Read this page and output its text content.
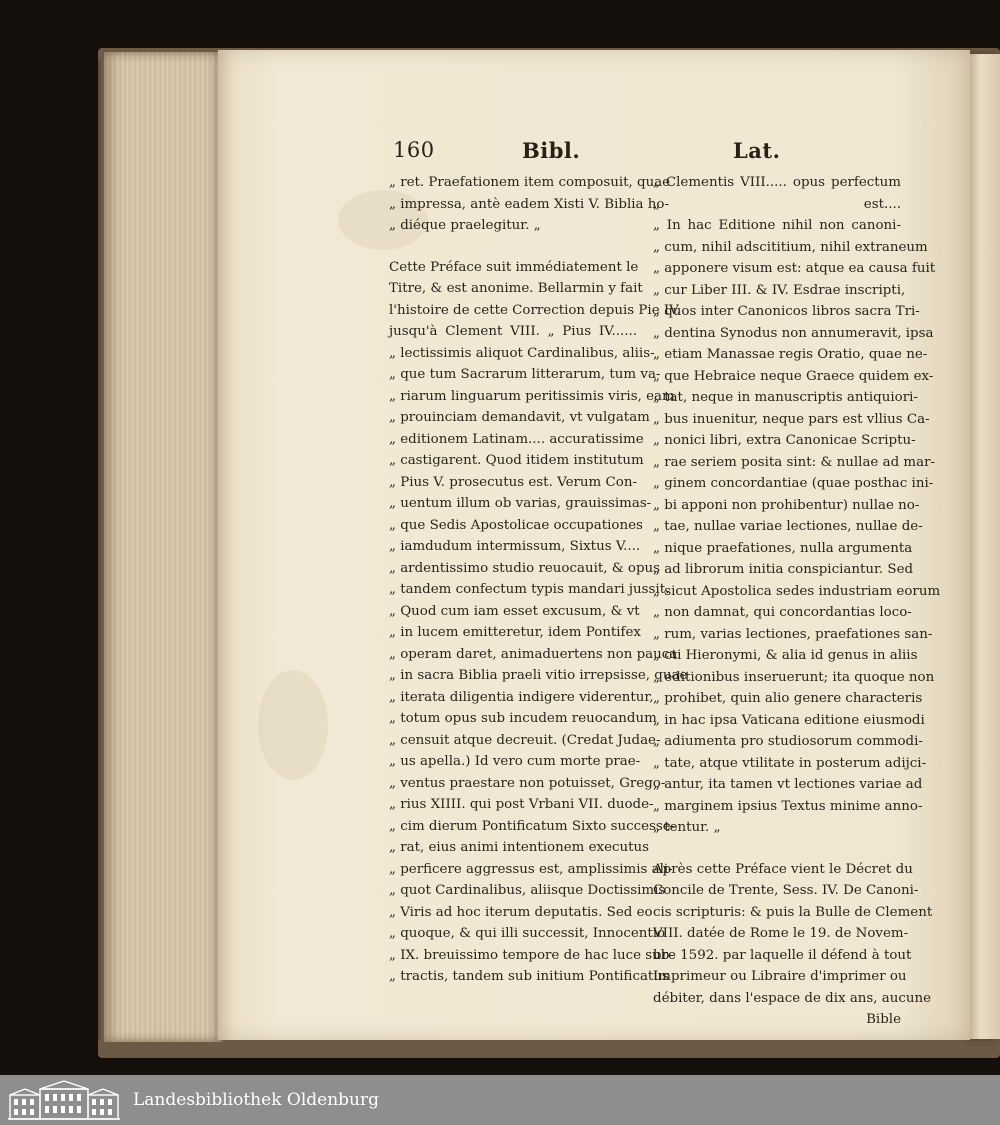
160	Bibl.	Lat.
„ ret. Praefationem item composuit, quae
„ impressa, antè eadem Xisti V. Biblia ho-
„ diéque praelegitur. „
Cette Préface suit immédiatement le
Titre, & est anonime. Bellarmin y fait
l'histoire de cette Correction depuis Pie IV.
jusqu'à Clement VIII. „ Pius IV......
„ lectissimis aliquot Cardinalibus, aliis-
„ que tum Sacrarum litterarum, tum va-
„ riarum linguarum peritissimis viris, eam
„ prouinciam demandavit, vt vulgatam
„ editionem Latinam.... accuratissime
„ castigarent. Quod itidem institutum
„ Pius V. prosecutus est. Verum Con-
„ uentum illum ob varias, grauissimas-
„ que Sedis Apostolicae occupationes
„ iamdudum intermissum, Sixtus V....
„ ardentissimo studio reuocauit, & opus
„ tandem confectum typis mandari jussit.
„ Quod cum iam esset excusum, & vt
„ in lucem emitteretur, idem Pontifex
„ operam daret, animaduertens non pauca
„ in sacra Biblia praeli vitio irrepsisse, quae
„ iterata diligentia indigere viderentur,
„ totum opus sub incudem reuocandum
„ censuit atque decreuit. (Credat Judae-
„ us apella.) Id vero cum morte prae-
„ ventus praestare non potuisset, Grego-
„ rius XIIII. qui post Vrbani VII. duode-
„ cim dierum Pontificatum Sixto successe-
„ rat, eius animi intentionem executus
„ perficere aggressus est, amplissimis ali-
„ quot Cardinalibus, aliisque Doctissimis
„ Viris ad hoc iterum deputatis. Sed eo
„ quoque, & qui illi successit, Innocentio
„ IX. breuissimo tempore de hac luce sub-
„ tractis, tandem sub initium Pontificatus
„ Clementis VIII..... opus perfectum
„ est....
„ In hac Editione nihil non canoni-
„ cum, nihil adscititium, nihil extraneum
„ apponere visum est: atque ea causa fuit
„ cur Liber III. & IV. Esdrae inscripti,
„ quos inter Canonicos libros sacra Tri-
„ dentina Synodus non annumeravit, ipsa
„ etiam Manassae regis Oratio, quae ne-
„ que Hebraice neque Graece quidem ex-
„ tat, neque in manuscriptis antiquiori-
„ bus inuenitur, neque pars est vllius Ca-
„ nonici libri, extra Canonicae Scriptu-
„ rae seriem posita sint: & nullae ad mar-
„ ginem concordantiae (quae posthac ini-
„ bi apponi non prohibentur) nullae no-
„ tae, nullae variae lectiones, nullae de-
„ nique praefationes, nulla argumenta
„ ad librorum initia conspiciantur. Sed
„ sicut Apostolica sedes industriam eorum
„ non damnat, qui concordantias loco-
„ rum, varias lectiones, praefationes san-
„ cti Hieronymi, & alia id genus in aliis
„ editionibus inseruerunt; ita quoque non
„ prohibet, quin alio genere characteris
„ in hac ipsa Vaticana editione eiusmodi
„ adiumenta pro studiosorum commodi-
„ tate, atque vtilitate in posterum adijci-
„ antur, ita tamen vt lectiones variae ad
„ marginem ipsius Textus minime anno-
„ tentur. „
Après cette Préface vient le Décret du
Concile de Trente, Sess. IV. De Canoni-
cis scripturis: & puis la Bulle de Clement
VIII. datée de Rome le 19. de Novem-
bre 1592. par laquelle il défend à tout
Imprimeur ou Libraire d'imprimer ou
débiter, dans l'espace de dix ans, aucune
Bible
Landesbibliothek Oldenburg
